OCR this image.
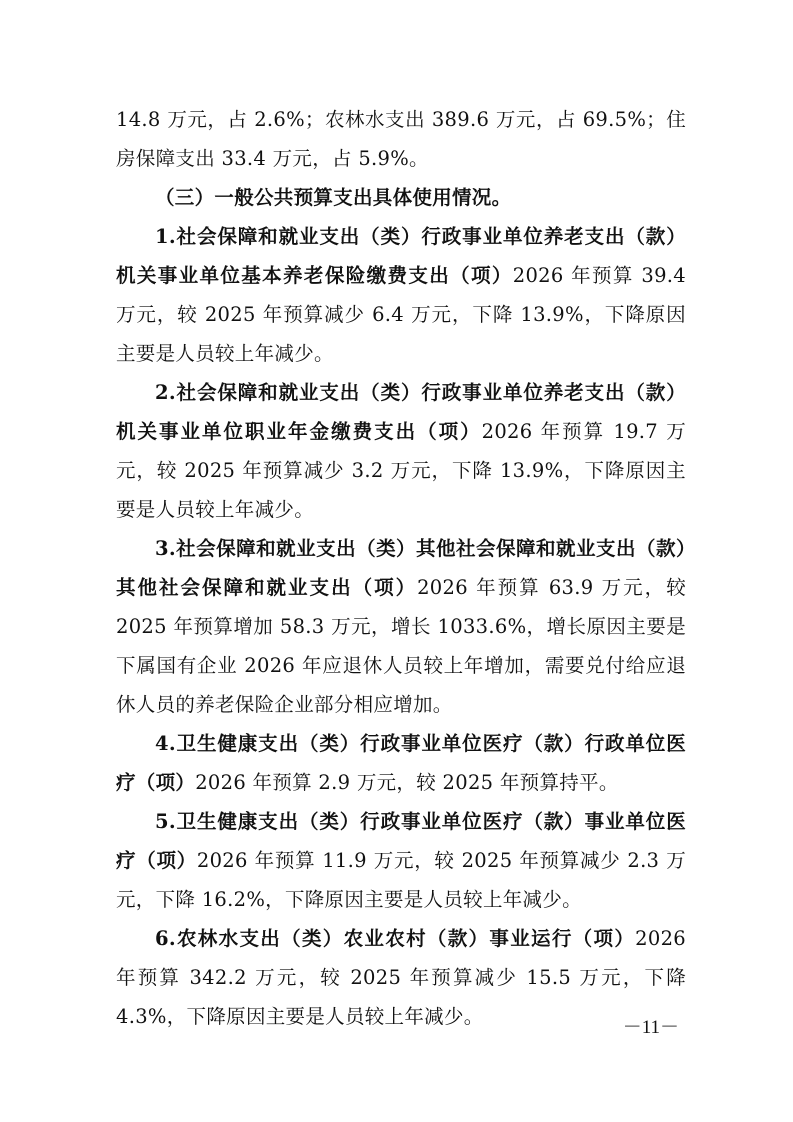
14.8 万元，占 2.6%；农林水支出 389.6 万元，占 69.5%；住房保障支出 33.4 万元，占 5.9%。

（三）一般公共预算支出具体使用情况。

1.社会保障和就业支出（类）行政事业单位养老支出（款）机关事业单位基本养老保险缴费支出（项）2026 年预算 39.4 万元，较 2025 年预算减少 6.4 万元，下降 13.9%，下降原因主要是人员较上年减少。

2.社会保障和就业支出（类）行政事业单位养老支出（款）机关事业单位职业年金缴费支出（项）2026 年预算 19.7 万元，较 2025 年预算减少 3.2 万元，下降 13.9%，下降原因主要是人员较上年减少。

3.社会保障和就业支出（类）其他社会保障和就业支出（款）其他社会保障和就业支出（项）2026 年预算 63.9 万元，较 2025 年预算增加 58.3 万元，增长 1033.6%，增长原因主要是下属国有企业 2026 年应退休人员较上年增加，需要兑付给应退休人员的养老保险企业部分相应增加。

4.卫生健康支出（类）行政事业单位医疗（款）行政单位医疗（项）2026 年预算 2.9 万元，较 2025 年预算持平。

5.卫生健康支出（类）行政事业单位医疗（款）事业单位医疗（项）2026 年预算 11.9 万元，较 2025 年预算减少 2.3 万元，下降 16.2%，下降原因主要是人员较上年减少。

6.农林水支出（类）农业农村（款）事业运行（项）2026 年预算 342.2 万元，较 2025 年预算减少 15.5 万元，下降 4.3%，下降原因主要是人员较上年减少。	－11－
